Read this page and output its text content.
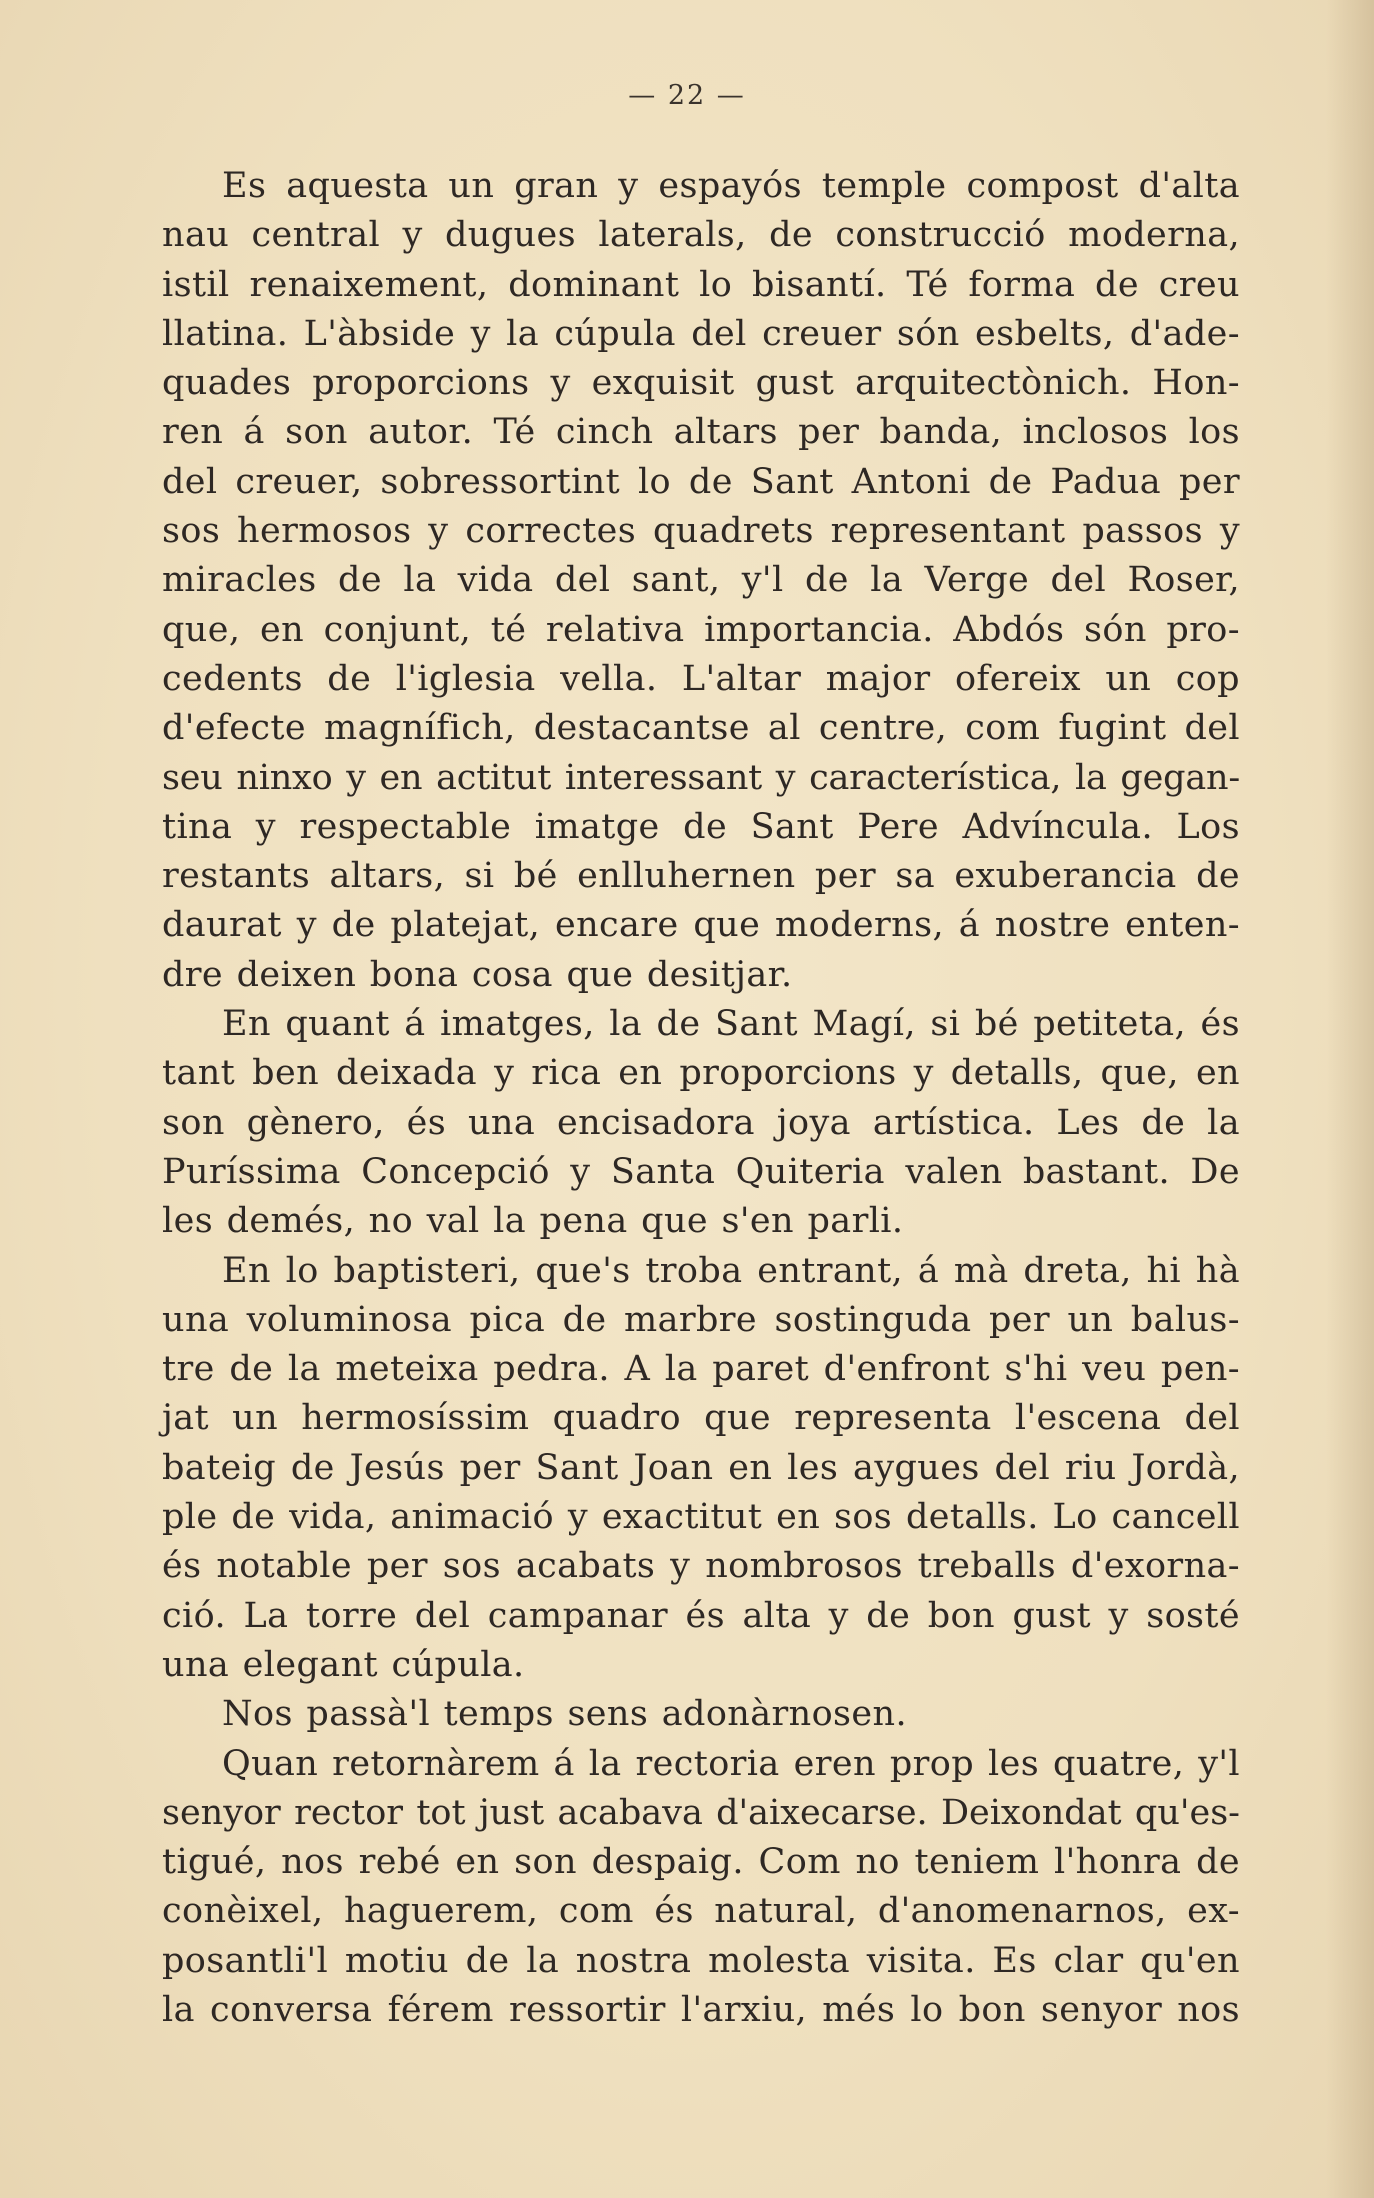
— 22 —
Es aquesta un gran y espayós temple compost d'alta
nau central y dugues laterals, de construcció moderna,
istil renaixement, dominant lo bisantí. Té forma de creu
llatina. L'àbside y la cúpula del creuer són esbelts, d'ade-
quades proporcions y exquisit gust arquitectònich. Hon-
ren á son autor. Té cinch altars per banda, inclosos los
del creuer, sobressortint lo de Sant Antoni de Padua per
sos hermosos y correctes quadrets representant passos y
miracles de la vida del sant, y'l de la Verge del Roser,
que, en conjunt, té relativa importancia. Abdós són pro-
cedents de l'iglesia vella. L'altar major ofereix un cop
d'efecte magnífich, destacantse al centre, com fugint del
seu ninxo y en actitut interessant y característica, la gegan-
tina y respectable imatge de Sant Pere Advíncula. Los
restants altars, si bé enlluhernen per sa exuberancia de
daurat y de platejat, encare que moderns, á nostre enten-
dre deixen bona cosa que desitjar.
En quant á imatges, la de Sant Magí, si bé petiteta, és
tant ben deixada y rica en proporcions y detalls, que, en
son gènero, és una encisadora joya artística. Les de la
Puríssima Concepció y Santa Quiteria valen bastant. De
les demés, no val la pena que s'en parli.
En lo baptisteri, que's troba entrant, á mà dreta, hi hà
una voluminosa pica de marbre sostinguda per un balus-
tre de la meteixa pedra. A la paret d'enfront s'hi veu pen-
jat un hermosíssim quadro que representa l'escena del
bateig de Jesús per Sant Joan en les aygues del riu Jordà,
ple de vida, animació y exactitut en sos detalls. Lo cancell
és notable per sos acabats y nombrosos treballs d'exorna-
ció. La torre del campanar és alta y de bon gust y sosté
una elegant cúpula.
Nos passà'l temps sens adonàrnosen.
Quan retornàrem á la rectoria eren prop les quatre, y'l
senyor rector tot just acabava d'aixecarse. Deixondat qu'es-
tigué, nos rebé en son despaig. Com no teniem l'honra de
conèixel, haguerem, com és natural, d'anomenarnos, ex-
posantli'l motiu de la nostra molesta visita. Es clar qu'en
la conversa férem ressortir l'arxiu, més lo bon senyor nos
